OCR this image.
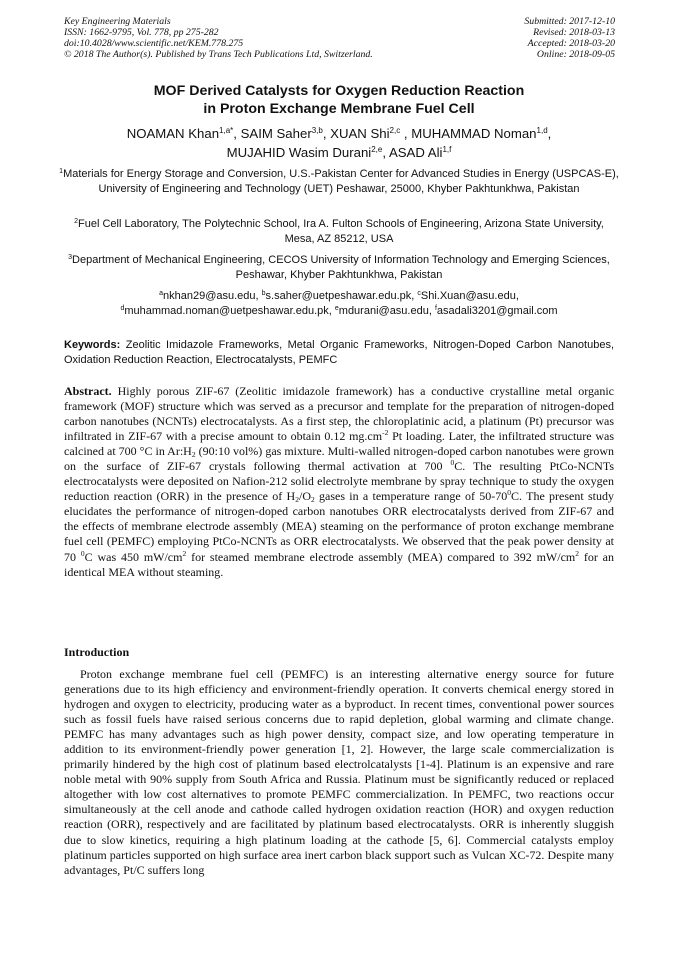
Key Engineering Materials
ISSN: 1662-9795, Vol. 778, pp 275-282
doi:10.4028/www.scientific.net/KEM.778.275
© 2018 The Author(s). Published by Trans Tech Publications Ltd, Switzerland.
Submitted: 2017-12-10
Revised: 2018-03-13
Accepted: 2018-03-20
Online: 2018-09-05
MOF Derived Catalysts for Oxygen Reduction Reaction
in Proton Exchange Membrane Fuel Cell
NOAMAN Khan$^{1,a*}$, SAIM Saher$^{3,b}$, XUAN Shi$^{2,c}$ , MUHAMMAD Noman$^{1,d}$,
MUJAHID Wasim Durani$^{2,e}$, ASAD Ali$^{1,f}$
$^1$Materials for Energy Storage and Conversion, U.S.-Pakistan Center for Advanced Studies in Energy (USPCAS-E), University of Engineering and Technology (UET) Peshawar, 25000, Khyber Pakhtunkhwa, Pakistan
$^2$Fuel Cell Laboratory, The Polytechnic School, Ira A. Fulton Schools of Engineering, Arizona State University, Mesa, AZ 85212, USA
$^3$Department of Mechanical Engineering, CECOS University of Information Technology and Emerging Sciences, Peshawar, Khyber Pakhtunkhwa, Pakistan
$^a$nkhan29@asu.edu, $^b$s.saher@uetpeshawar.edu.pk, $^c$Shi.Xuan@asu.edu,
$^d$muhammad.noman@uetpeshawar.edu.pk, $^e$mdurani@asu.edu, $^f$asadali3201@gmail.com
Keywords: Zeolitic Imidazole Frameworks, Metal Organic Frameworks, Nitrogen-Doped Carbon Nanotubes, Oxidation Reduction Reaction, Electrocatalysts, PEMFC
Abstract. Highly porous ZIF-67 (Zeolitic imidazole framework) has a conductive crystalline metal organic framework (MOF) structure which was served as a precursor and template for the preparation of nitrogen-doped carbon nanotubes (NCNTs) electrocatalysts. As a first step, the chloroplatinic acid, a platinum (Pt) precursor was infiltrated in ZIF-67 with a precise amount to obtain 0.12 $mg.cm^{-2}$ Pt loading. Later, the infiltrated structure was calcined at 700 °C in $Ar:H_2$ (90:10 vol%) gas mixture. Multi-walled nitrogen-doped carbon nanotubes were grown on the surface of ZIF-67 crystals following thermal activation at 700 $^0$C. The resulting PtCo-NCNTs electrocatalysts were deposited on Nafion-212 solid electrolyte membrane by spray technique to study the oxygen reduction reaction (ORR) in the presence of $H_2/O_2$ gases in a temperature range of $50-70^0C$. The present study elucidates the performance of nitrogen-doped carbon nanotubes ORR electrocatalysts derived from ZIF-67 and the effects of membrane electrode assembly (MEA) steaming on the performance of proton exchange membrane fuel cell (PEMFC) employing PtCo-NCNTs as ORR electrocatalysts. We observed that the peak power density at 70 $^0$C was 450 $mW/cm^2$ for steamed membrane electrode assembly (MEA) compared to 392 $mW/cm^2$ for an identical MEA without steaming.
Introduction
Proton exchange membrane fuel cell (PEMFC) is an interesting alternative energy source for future generations due to its high efficiency and environment-friendly operation. It converts chemical energy stored in hydrogen and oxygen to electricity, producing water as a byproduct. In recent times, conventional power sources such as fossil fuels have raised serious concerns due to rapid depletion, global warming and climate change. PEMFC has many advantages such as high power density, compact size, and low operating temperature in addition to its environment-friendly power generation [1, 2]. However, the large scale commercialization is primarily hindered by the high cost of platinum based electrolcatalysts [1-4]. Platinum is an expensive and rare noble metal with 90% supply from South Africa and Russia. Platinum must be significantly reduced or replaced altogether with low cost alternatives to promote PEMFC commercialization. In PEMFC, two reactions occur simultaneously at the cell anode and cathode called hydrogen oxidation reaction (HOR) and oxygen reduction reaction (ORR), respectively and are facilitated by platinum based electrocatalysts. ORR is inherently sluggish due to slow kinetics, requiring a high platinum loading at the cathode [5, 6]. Commercial catalysts employ platinum particles supported on high surface area inert carbon black support such as Vulcan XC-72. Despite many advantages, Pt/C suffers long
